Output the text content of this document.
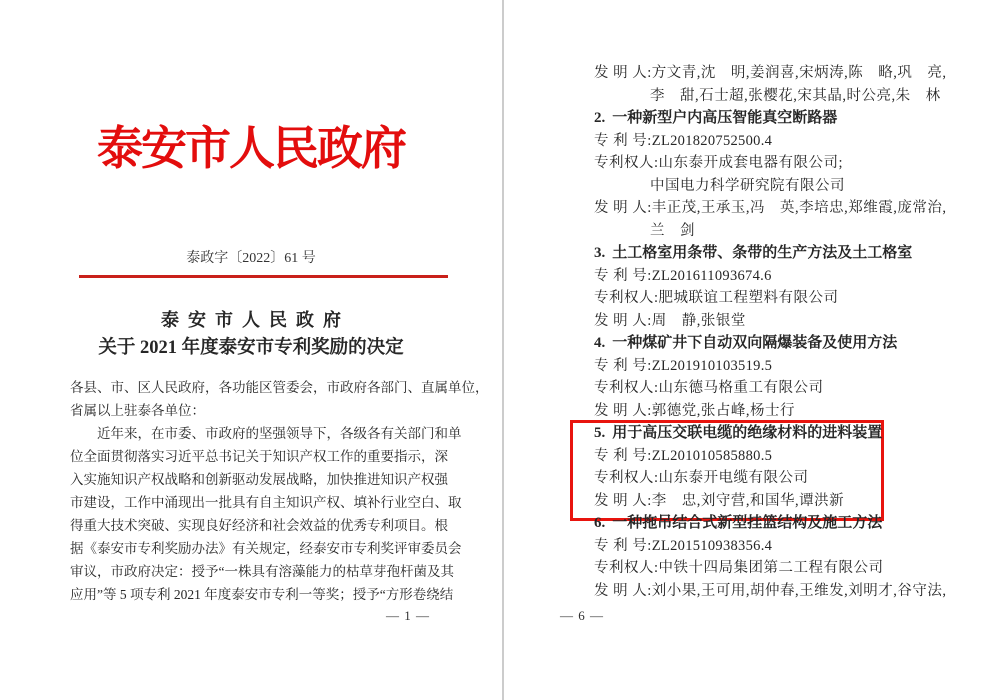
泰安市人民政府
泰政字〔2022〕61 号
泰安市人民政府
关于 2021 年度泰安市专利奖励的决定
各县、市、区人民政府，各功能区管委会，市政府各部门、直属单位，
省属以上驻泰各单位：
近年来，在市委、市政府的坚强领导下，各级各有关部门和单
位全面贯彻落实习近平总书记关于知识产权工作的重要指示，深
入实施知识产权战略和创新驱动发展战略，加快推进知识产权强
市建设，工作中涌现出一批具有自主知识产权、填补行业空白、取
得重大技术突破、实现良好经济和社会效益的优秀专利项目。根
据《泰安市专利奖励办法》有关规定，经泰安市专利奖评审委员会
审议，市政府决定：授予“一株具有溶藻能力的枯草芽孢杆菌及其
应用”等 5 项专利 2021 年度泰安市专利一等奖；授予“方形卷绕结
— 1 —
发 明 人:方文青,沈　明,姜润喜,宋炳涛,陈　略,巩　亮,
李　甜,石士超,张樱花,宋其晶,时公亮,朱　林
2. 一种新型户内高压智能真空断路器
专 利 号:ZL201820752500.4
专利权人:山东泰开成套电器有限公司;
中国电力科学研究院有限公司
发 明 人:丰正茂,王承玉,冯　英,李培忠,郑维霞,庞常治,
兰　剑
3. 土工格室用条带、条带的生产方法及土工格室
专 利 号:ZL201611093674.6
专利权人:肥城联谊工程塑料有限公司
发 明 人:周　静,张银堂
4. 一种煤矿井下自动双向隔爆装备及使用方法
专 利 号:ZL201910103519.5
专利权人:山东德马格重工有限公司
发 明 人:郭德党,张占峰,杨士行
5. 用于高压交联电缆的绝缘材料的进料装置
专 利 号:ZL201010585880.5
专利权人:山东泰开电缆有限公司
发 明 人:李　忠,刘守营,和国华,谭洪新
6. 一种拖吊结合式新型挂篮结构及施工方法
专 利 号:ZL201510938356.4
专利权人:中铁十四局集团第二工程有限公司
发 明 人:刘小果,王可用,胡仲春,王维发,刘明才,谷守法,
— 6 —
